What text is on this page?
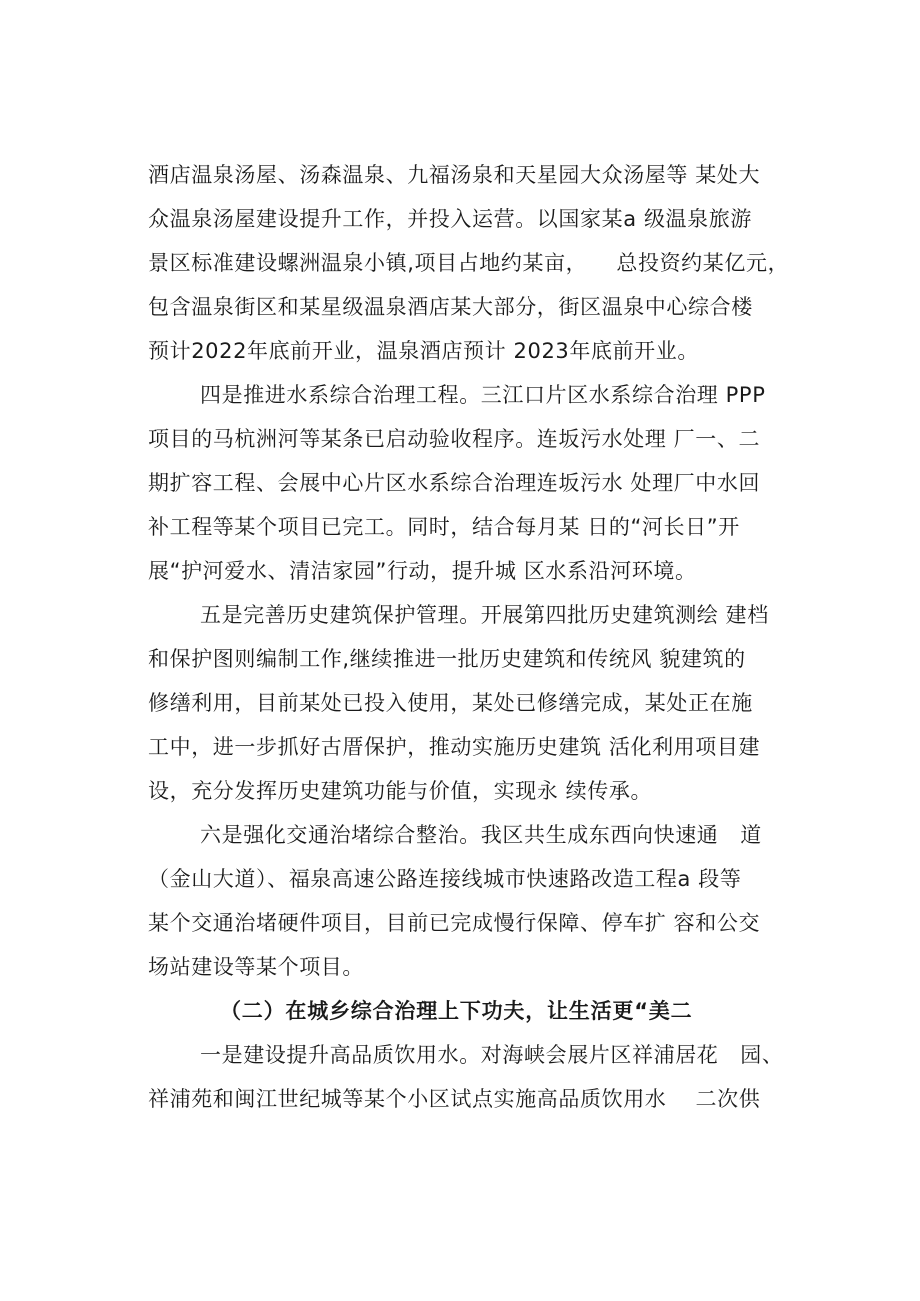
酒店温泉汤屋、汤森温泉、九福汤泉和天星园大众汤屋等 某处大
众温泉汤屋建设提升工作，并投入运营。以国家某a 级温泉旅游
景区标准建设螺洲温泉小镇,项目占地约某亩，    总投资约某亿元，
包含温泉街区和某星级温泉酒店某大部分，街区温泉中心综合楼
预计2022年底前开业，温泉酒店预计 2023年底前开业。
四是推进水系综合治理工程。三江口片区水系综合治理 PPP
项目的马杭洲河等某条已启动验收程序。连坂污水处理 厂一、二
期扩容工程、会展中心片区水系综合治理连坂污水 处理厂中水回
补工程等某个项目已完工。同时，结合每月某 日的“河长日”开
展“护河爱水、清洁家园”行动，提升城 区水系沿河环境。
五是完善历史建筑保护管理。开展第四批历史建筑测绘 建档
和保护图则编制工作,继续推进一批历史建筑和传统风 貌建筑的
修缮利用，目前某处已投入使用，某处已修缮完成，某处正在施
工中，进一步抓好古厝保护，推动实施历史建筑 活化利用项目建
设，充分发挥历史建筑功能与价值，实现永 续传承。
六是强化交通治堵综合整治。我区共生成东西向快速通   道
（金山大道）、福泉高速公路连接线城市快速路改造工程a 段等
某个交通治堵硬件项目，目前已完成慢行保障、停车扩 容和公交
场站建设等某个项目。
（二）在城乡综合治理上下功夫，让生活更“美二
一是建设提升高品质饮用水。对海峡会展片区祥浦居花   园、
祥浦苑和闽江世纪城等某个小区试点实施高品质饮用水    二次供
